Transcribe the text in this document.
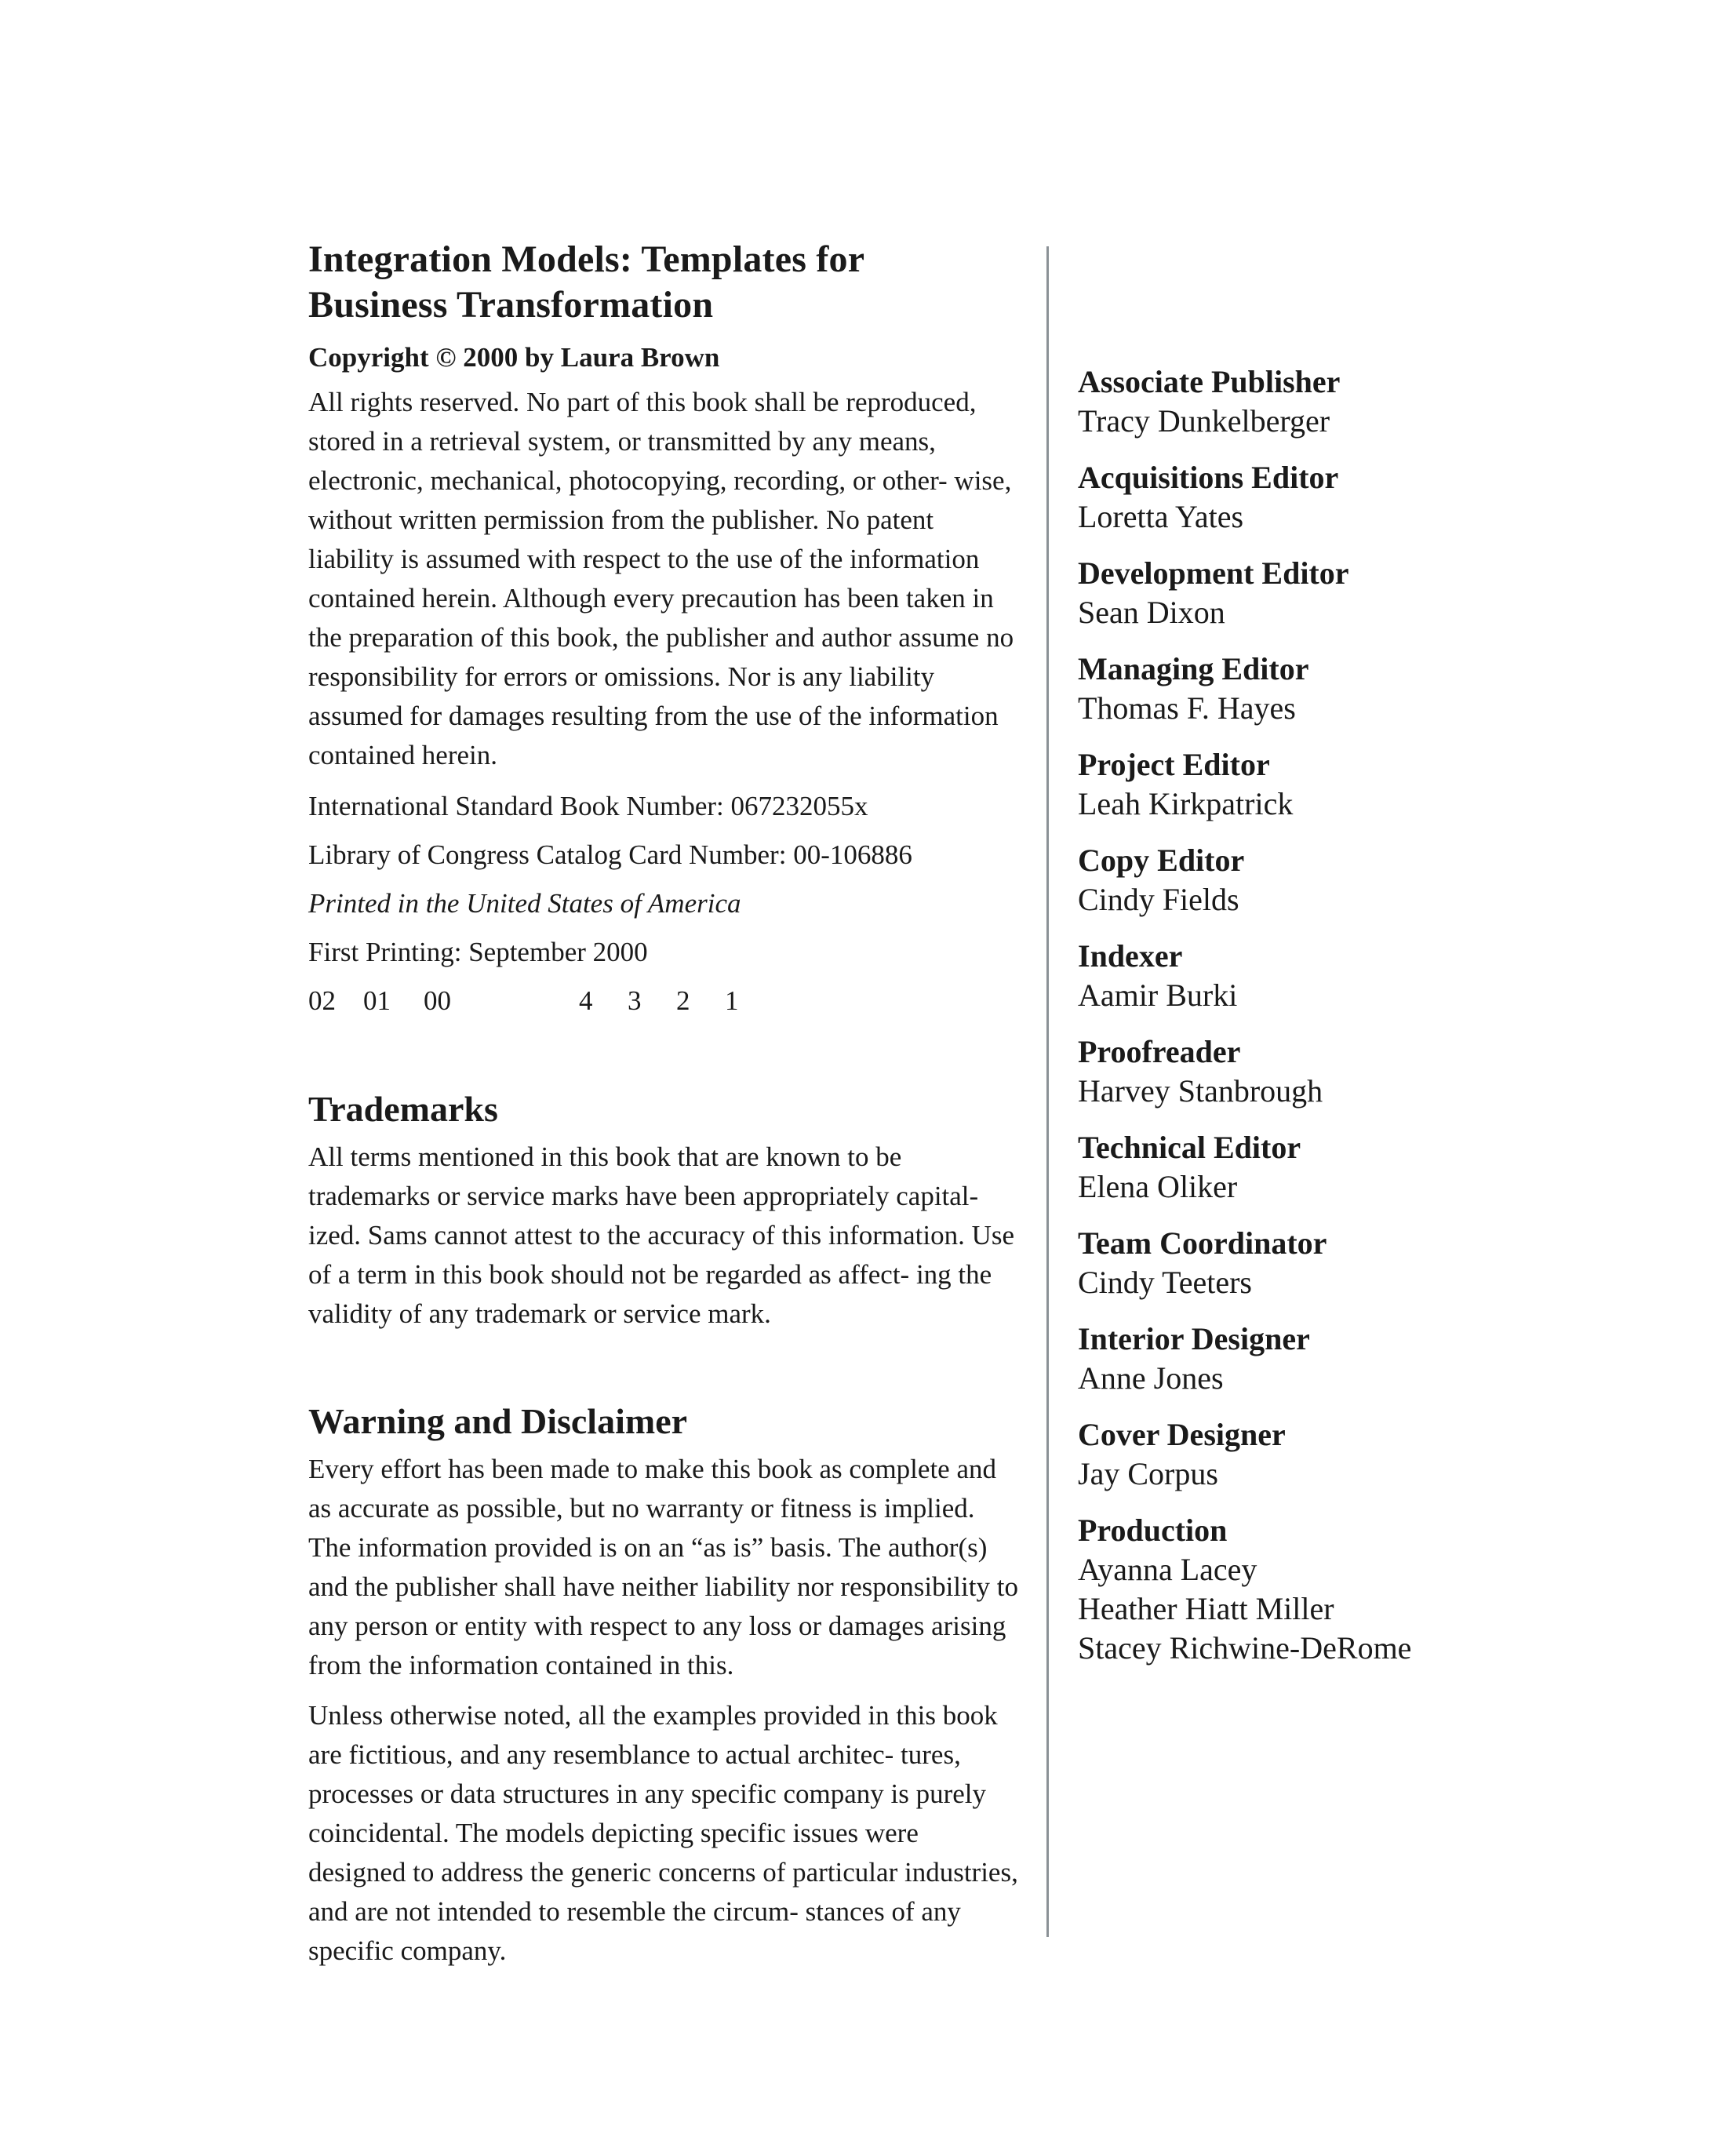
Integration Models: Templates for
Business Transformation

Copyright © 2000 by Laura Brown

All rights reserved. No part of this book shall be reproduced, stored in a retrieval system, or transmitted by any means, electronic, mechanical, photocopying, recording, or other- wise, without written permission from the publisher. No patent liability is assumed with respect to the use of the information contained herein. Although every precaution has been taken in the preparation of this book, the publisher and author assume no responsibility for errors or omissions. Nor is any liability assumed for damages resulting from the use of the information contained herein.

International Standard Book Number: 067232055x

Library of Congress Catalog Card Number: 00-106886

Printed in the United States of America

First Printing: September 2000

02 01 00	4 3 2 1
Trademarks

All terms mentioned in this book that are known to be trademarks or service marks have been appropriately capital- ized. Sams cannot attest to the accuracy of this information. Use of a term in this book should not be regarded as affect- ing the validity of any trademark or service mark.

Warning and Disclaimer

Every effort has been made to make this book as complete and as accurate as possible, but no warranty or fitness is implied. The information provided is on an “as is” basis. The author(s) and the publisher shall have neither liability nor responsibility to any person or entity with respect to any loss or damages arising from the information contained in this.

Unless otherwise noted, all the examples provided in this book are fictitious, and any resemblance to actual architec- tures, processes or data structures in any specific company is purely coincidental. The models depicting specific issues were designed to address the generic concerns of particular industries, and are not intended to resemble the circum- stances of any specific company.

Associate Publisher

Tracy Dunkelberger

Acquisitions Editor

Loretta Yates

Development Editor

Sean Dixon

Managing Editor

Thomas F. Hayes

Project Editor

Leah Kirkpatrick

Copy Editor

Cindy Fields

Indexer

Aamir Burki

Proofreader

Harvey Stanbrough

Technical Editor

Elena Oliker

Team Coordinator

Cindy Teeters

Interior Designer

Anne Jones

Cover Designer

Jay Corpus

Production

Ayanna Lacey

Heather Hiatt Miller

Stacey Richwine-DeRome
